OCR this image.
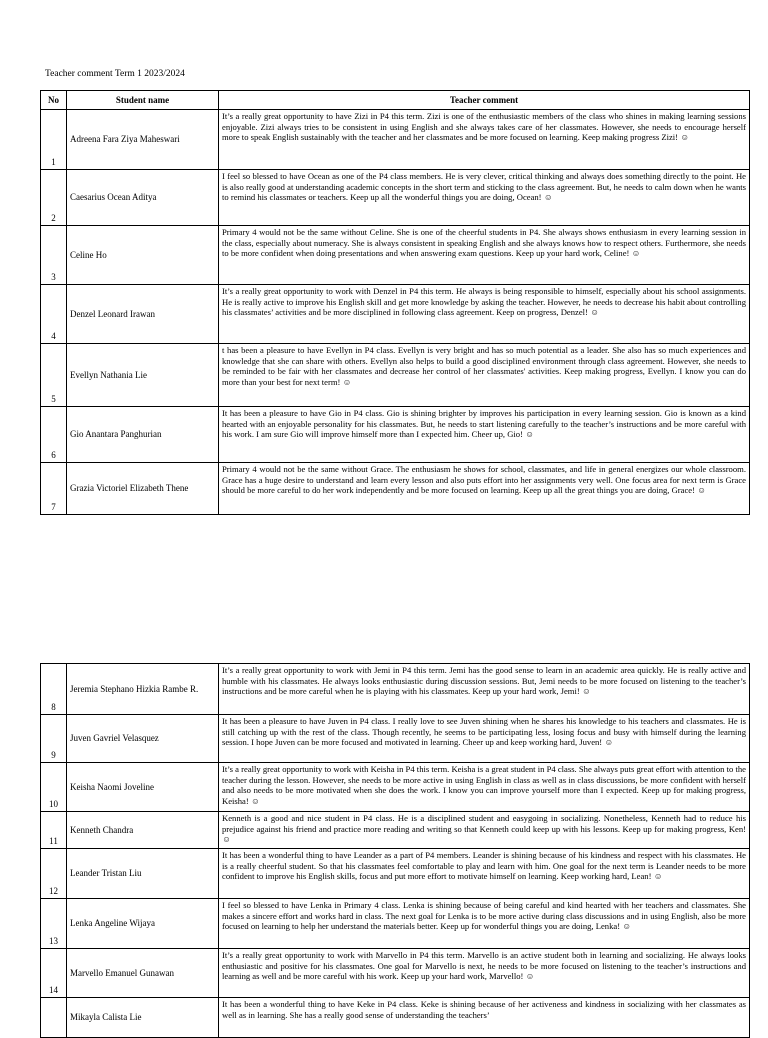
Teacher comment Term 1 2023/2024
No	Student name	Teacher comment
1	Adreena Fara Ziya Maheswari	It’s a really great opportunity to have Zizi in P4 this term. Zizi is one of the enthusiastic members of the class who shines in making learning sessions enjoyable. Zizi always tries to be consistent in using English and she always takes care of her classmates. However, she needs to encourage herself more to speak English sustainably with the teacher and her classmates and be more focused on learning. Keep making progress Zizi! ☺
2	Caesarius Ocean Aditya	I feel so blessed to have Ocean as one of the P4 class members. He is very clever, critical thinking and always does something directly to the point. He is also really good at understanding academic concepts in the short term and sticking to the class agreement. But, he needs to calm down when he wants to remind his classmates or teachers. Keep up all the wonderful things you are doing, Ocean! ☺
3	Celine Ho	Primary 4 would not be the same without Celine. She is one of the cheerful students in P4. She always shows enthusiasm in every learning session in the class, especially about numeracy. She is always consistent in speaking English and she always knows how to respect others. Furthermore, she needs to be more confident when doing presentations and when answering exam questions. Keep up your hard work, Celine! ☺
4	Denzel Leonard Irawan	It’s a really great opportunity to work with Denzel in P4 this term. He always is being responsible to himself, especially about his school assignments. He is really active to improve his English skill and get more knowledge by asking the teacher. However, he needs to decrease his habit about controlling his classmates’ activities and be more disciplined in following class agreement. Keep on progress, Denzel! ☺
5	Evellyn Nathania Lie	t has been a pleasure to have Evellyn in P4 class. Evellyn is very bright and has so much potential as a leader. She also has so much experiences and knowledge that she can share with others. Evellyn also helps to build a good disciplined environment through class agreement. However, she needs to be reminded to be fair with her classmates and decrease her control of her classmates' activities. Keep making progress, Evellyn. I know you can do more than your best for next term! ☺
6	Gio Anantara Panghurian	It has been a pleasure to have Gio in P4 class. Gio is shining brighter by improves his participation in every learning session. Gio is known as a kind hearted with an enjoyable personality for his classmates. But, he needs to start listening carefully to the teacher’s instructions and be more careful with his work. I am sure Gio will improve himself more than I expected him. Cheer up, Gio! ☺
7	Grazia Victoriel Elizabeth Thene	Primary 4 would not be the same without Grace. The enthusiasm he shows for school, classmates, and life in general energizes our whole classroom. Grace has a huge desire to understand and learn every lesson and also puts effort into her assignments very well. One focus area for next term is Grace should be more careful to do her work independently and be more focused on learning. Keep up all the great things you are doing, Grace! ☺
8	Jeremia Stephano Hizkia Rambe R.	It’s a really great opportunity to work with Jemi in P4 this term. Jemi has the good sense to learn in an academic area quickly. He is really active and humble with his classmates. He always looks enthusiastic during discussion sessions. But, Jemi needs to be more focused on listening to the teacher’s instructions and be more careful when he is playing with his classmates. Keep up your hard work, Jemi! ☺
9	Juven Gavriel Velasquez	It has been a pleasure to have Juven in P4 class. I really love to see Juven shining when he shares his knowledge to his teachers and classmates. He is still catching up with the rest of the class. Though recently, he seems to be participating less, losing focus and busy with himself during the learning session. I hope Juven can be more focused and motivated in learning. Cheer up and keep working hard, Juven! ☺
10	Keisha Naomi Joveline	It’s a really great opportunity to work with Keisha in P4 this term. Keisha is a great student in P4 class. She always puts great effort with attention to the teacher during the lesson. However, she needs to be more active in using English in class as well as in class discussions, be more confident with herself and also needs to be more motivated when she does the work. I know you can improve yourself more than I expected. Keep up for making progress, Keisha! ☺
11	Kenneth Chandra	Kenneth is a good and nice student in P4 class. He is a disciplined student and easygoing in socializing. Nonetheless, Kenneth had to reduce his prejudice against his friend and practice more reading and writing so that Kenneth could keep up with his lessons. Keep up for making progress, Ken! ☺
12	Leander Tristan Liu	It has been a wonderful thing to have Leander as a part of P4 members. Leander is shining because of his kindness and respect with his classmates. He is a really cheerful student. So that his classmates feel comfortable to play and learn with him. One goal for the next term is Leander needs to be more confident to improve his English skills, focus and put more effort to motivate himself on learning. Keep working hard, Lean! ☺
13	Lenka Angeline Wijaya	I feel so blessed to have Lenka in Primary 4 class. Lenka is shining because of being careful and kind hearted with her teachers and classmates. She makes a sincere effort and works hard in class. The next goal for Lenka is to be more active during class discussions and in using English, also be more focused on learning to help her understand the materials better. Keep up for wonderful things you are doing, Lenka! ☺
14	Marvello Emanuel Gunawan	It’s a really great opportunity to work with Marvello in P4 this term. Marvello is an active student both in learning and socializing. He always looks enthusiastic and positive for his classmates. One goal for Marvello is next, he needs to be more focused on listening to the teacher’s instructions and learning as well and be more careful with his work. Keep up your hard work, Marvello! ☺
	Mikayla Calista Lie	It has been a wonderful thing to have Keke in P4 class. Keke is shining because of her activeness and kindness in socializing with her classmates as well as in learning. She has a really good sense of understanding the teachers’
